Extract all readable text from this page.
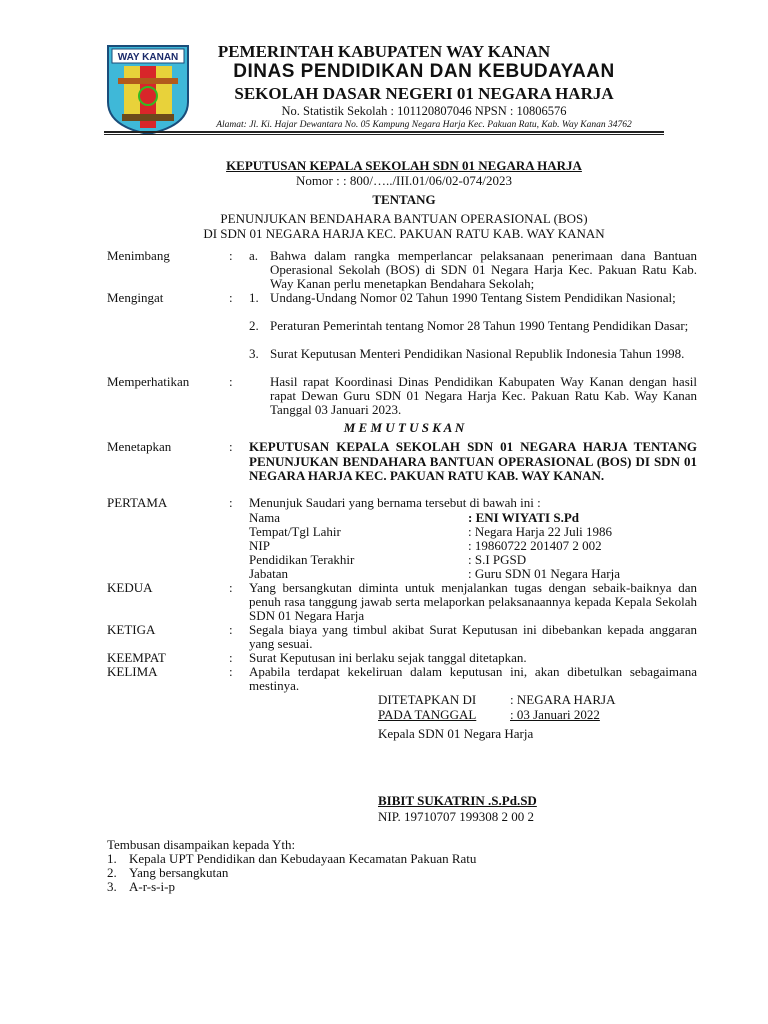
WAY KANAN	PEMERINTAH KABUPATEN WAY KANAN
DINAS PENDIDIKAN DAN KEBUDAYAAN
SEKOLAH DASAR NEGERI 01 NEGARA HARJA
No. Statistik Sekolah : 101120807046 NPSN : 10806576
Alamat: Jl. Ki. Hajar Dewantara No. 05 Kampung Negara Harja Kec. Pakuan Ratu, Kab. Way Kanan 34762
KEPUTUSAN KEPALA SEKOLAH SDN 01 NEGARA HARJA
Nomor : : 800/…../III.01/06/02-074/2023
TENTANG
PENUNJUKAN BENDAHARA BANTUAN OPERASIONAL (BOS)
DI SDN 01 NEGARA HARJA KEC. PAKUAN RATU KAB. WAY KANAN
Menimbang	: a. Bahwa dalam rangka memperlancar pelaksanaan penerimaan dana Bantuan Operasional Sekolah (BOS) di SDN 01 Negara Harja Kec. Pakuan Ratu Kab. Way Kanan perlu menetapkan Bendahara Sekolah;
Mengingat	: 1. Undang-Undang Nomor 02 Tahun 1990 Tentang Sistem Pendidikan Nasional;
2. Peraturan Pemerintah tentang Nomor 28 Tahun 1990 Tentang Pendidikan Dasar;
3. Surat Keputusan Menteri Pendidikan Nasional Republik Indonesia Tahun 1998.
Memperhatikan	:	Hasil rapat Koordinasi Dinas Pendidikan Kabupaten Way Kanan dengan hasil rapat Dewan Guru SDN 01 Negara Harja Kec. Pakuan Ratu Kab. Way Kanan Tanggal 03 Januari 2023.
M E M U T U S K A N
Menetapkan	: KEPUTUSAN KEPALA SEKOLAH SDN 01 NEGARA HARJA TENTANG PENUNJUKAN BENDAHARA BANTUAN OPERASIONAL (BOS) DI SDN 01 NEGARA HARJA KEC. PAKUAN RATU KAB. WAY KANAN.
PERTAMA	: Menunjuk Saudari yang bernama tersebut di bawah ini :
Nama	: ENI WIYATI S.Pd
Tempat/Tgl Lahir	: Negara Harja 22 Juli 1986
NIP	: 19860722 201407 2 002
Pendidikan Terakhir	: S.I PGSD
Jabatan	: Guru SDN 01 Negara Harja
KEDUA	: Yang bersangkutan diminta untuk menjalankan tugas dengan sebaik-baiknya dan penuh rasa tanggung jawab serta melaporkan pelaksanaannya kepada Kepala Sekolah SDN 01 Negara Harja
KETIGA	: Segala biaya yang timbul akibat Surat Keputusan ini dibebankan kepada anggaran yang sesuai.
KEEMPAT	: Surat Keputusan ini berlaku sejak tanggal ditetapkan.
KELIMA	: Apabila terdapat kekeliruan dalam keputusan ini, akan dibetulkan sebagaimana mestinya.
DITETAPKAN DI	: NEGARA HARJA
PADA TANGGAL	: 03 Januari 2022
Kepala SDN 01 Negara Harja
BIBIT SUKATRIN .S.Pd.SD
NIP. 19710707 199308 2 00 2
Tembusan disampaikan kepada Yth:
1. Kepala UPT Pendidikan dan Kebudayaan Kecamatan Pakuan Ratu
2. Yang bersangkutan
3. A-r-s-i-p
